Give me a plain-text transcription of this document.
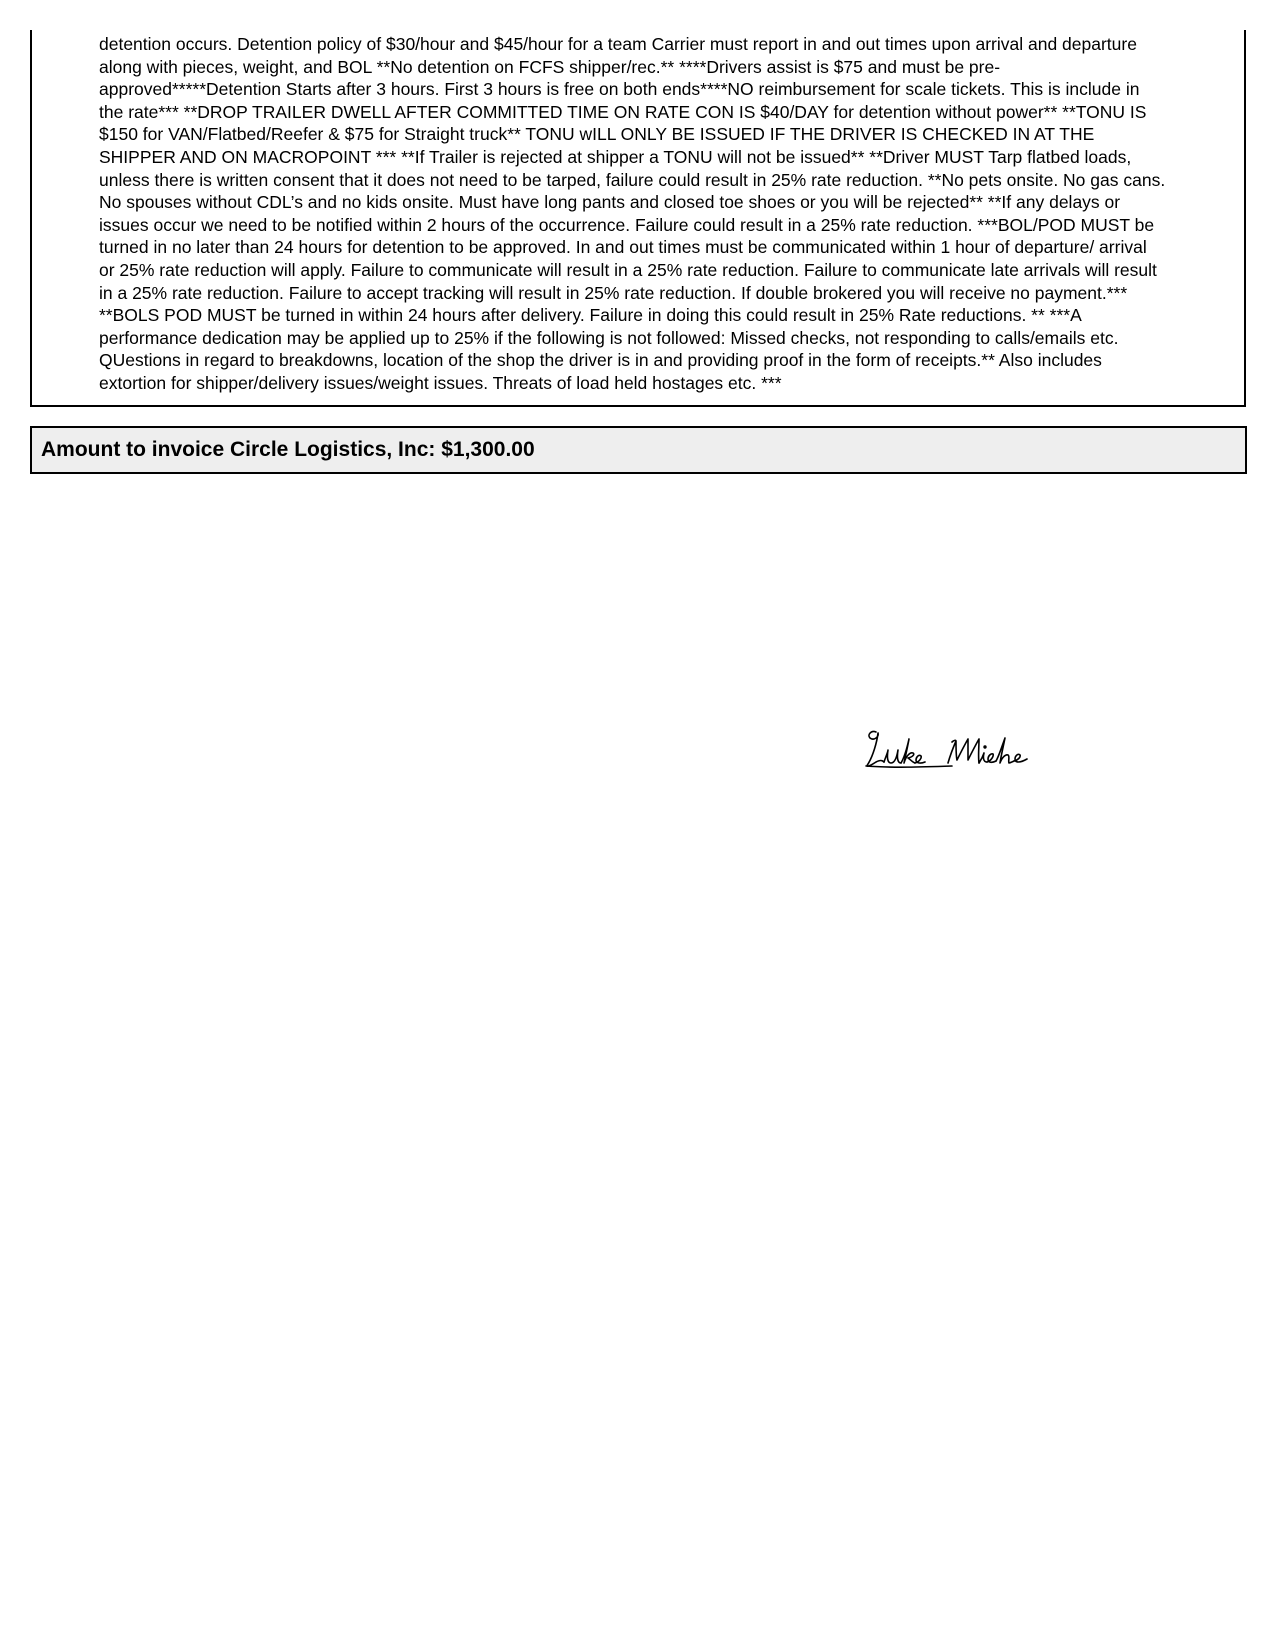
detention occurs. Detention policy of $30/hour and $45/hour for a team Carrier must report in and out times upon arrival and departure
along with pieces, weight, and BOL **No detention on FCFS shipper/rec.** ****Drivers assist is $75 and must be pre-
approved*****Detention Starts after 3 hours. First 3 hours is free on both ends****NO reimbursement for scale tickets. This is include in
the rate*** **DROP TRAILER DWELL AFTER COMMITTED TIME ON RATE CON IS $40/DAY for detention without power** **TONU IS
$150 for VAN/Flatbed/Reefer & $75 for Straight truck** TONU wILL ONLY BE ISSUED IF THE DRIVER IS CHECKED IN AT THE
SHIPPER AND ON MACROPOINT *** **If Trailer is rejected at shipper a TONU will not be issued** **Driver MUST Tarp flatbed loads,
unless there is written consent that it does not need to be tarped, failure could result in 25% rate reduction. **No pets onsite. No gas cans.
No spouses without CDL’s and no kids onsite. Must have long pants and closed toe shoes or you will be rejected** **If any delays or
issues occur we need to be notified within 2 hours of the occurrence. Failure could result in a 25% rate reduction. ***BOL/POD MUST be
turned in no later than 24 hours for detention to be approved. In and out times must be communicated within 1 hour of departure/ arrival
or 25% rate reduction will apply. Failure to communicate will result in a 25% rate reduction. Failure to communicate late arrivals will result
in a 25% rate reduction. Failure to accept tracking will result in 25% rate reduction. If double brokered you will receive no payment.***
**BOLS POD MUST be turned in within 24 hours after delivery. Failure in doing this could result in 25% Rate reductions. ** ***A
performance dedication may be applied up to 25% if the following is not followed: Missed checks, not responding to calls/emails etc.
QUestions in regard to breakdowns, location of the shop the driver is in and providing proof in the form of receipts.** Also includes
extortion for shipper/delivery issues/weight issues. Threats of load held hostages etc. ***

Amount to invoice Circle Logistics, Inc: $1,300.00
